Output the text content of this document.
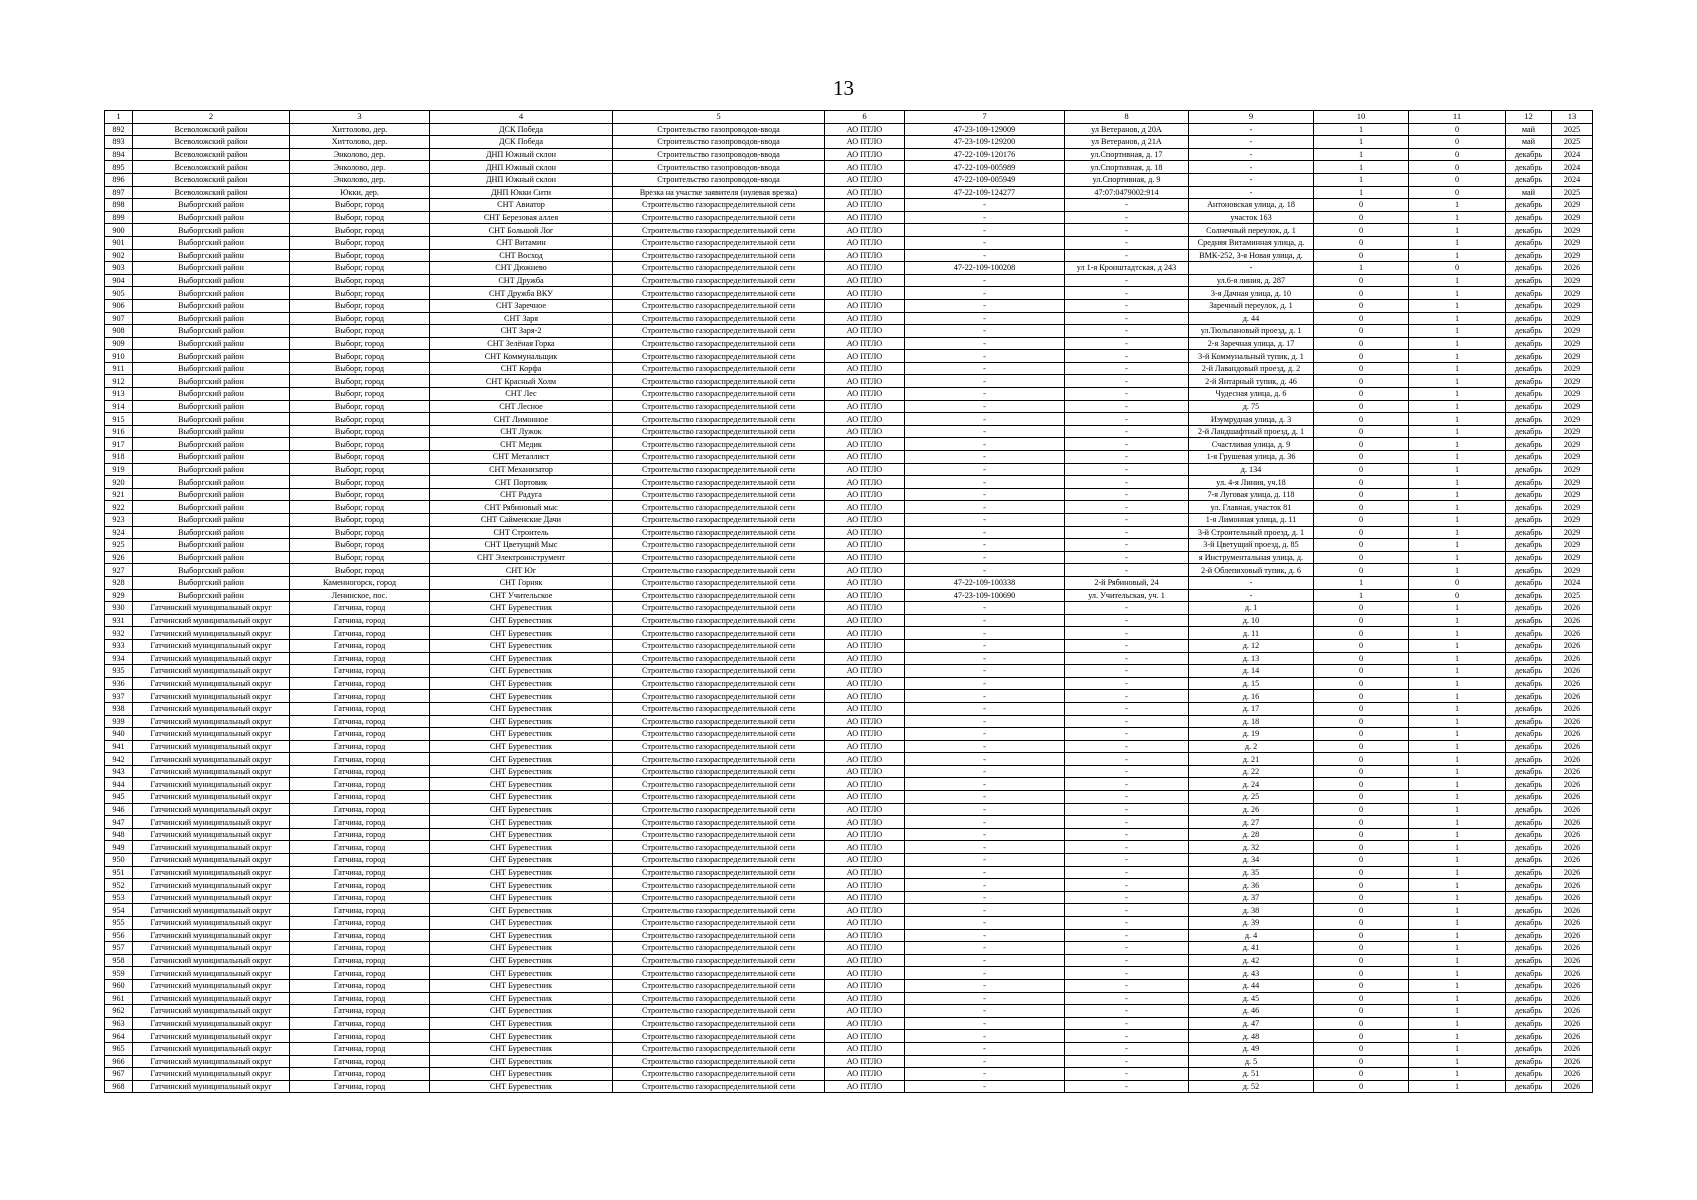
13
1	2	3	4	5	6	7	8	9	10	11	12	13
892	Всеволожский район	Хиттолово, дер.	ДСК Победа	Строительство газопроводов-ввода	АО ПТЛО	47-23-109-129009	ул Ветеранов, д 20А	-	1	0	май	2025
893	Всеволожский район	Хиттолово, дер.	ДСК Победа	Строительство газопроводов-ввода	АО ПТЛО	47-23-109-129200	ул Ветеранов, д 21А	-	1	0	май	2025
894	Всеволожский район	Энколово, дер.	ДНП Южный склон	Строительство газопроводов-ввода	АО ПТЛО	47-22-109-120176	ул.Спортивная, д. 17	-	1	0	декабрь	2024
895	Всеволожский район	Энколово, дер.	ДНП Южный склон	Строительство газопроводов-ввода	АО ПТЛО	47-22-109-005989	ул.Спортивная, д. 18	-	1	0	декабрь	2024
896	Всеволожский район	Энколово, дер.	ДНП Южный склон	Строительство газопроводов-ввода	АО ПТЛО	47-22-109-005949	ул.Спортивная, д. 9	-	1	0	декабрь	2024
897	Всеволожский район	Юкки, дер.	ДНП Юкки Сити	Врезка на участке заявителя (нулевая врезка)	АО ПТЛО	47-22-109-124277	47:07:0479002:914	-	1	0	май	2025
898	Выборгский район	Выборг, город	СНТ Авиатор	Строительство газораспределительной сети	АО ПТЛО	-	-	Антоновская улица, д. 18	0	1	декабрь	2029
899	Выборгский район	Выборг, город	СНТ Березовая аллея	Строительство газораспределительной сети	АО ПТЛО	-	-	участок 163	0	1	декабрь	2029
900	Выборгский район	Выборг, город	СНТ Большой Лог	Строительство газораспределительной сети	АО ПТЛО	-	-	Солнечный переулок, д. 1	0	1	декабрь	2029
901	Выборгский район	Выборг, город	СНТ Витамин	Строительство газораспределительной сети	АО ПТЛО	-	-	Средняя Витаминная улица, д.	0	1	декабрь	2029
902	Выборгский район	Выборг, город	СНТ Восход	Строительство газораспределительной сети	АО ПТЛО	-	-	ВМК-252, 3-я Новая улица, д.	0	1	декабрь	2029
903	Выборгский район	Выборг, город	СНТ Дюжнево	Строительство газораспределительной сети	АО ПТЛО	47-22-109-100208	ул 1-я Кронштадтская, д 243	-	1	0	декабрь	2026
904	Выборгский район	Выборг, город	СНТ Дружба	Строительство газораспределительной сети	АО ПТЛО	-	-	ул.6-я линия, д. 287	0	1	декабрь	2029
905	Выборгский район	Выборг, город	СНТ Дружба ВКУ	Строительство газораспределительной сети	АО ПТЛО	-	-	3-я Дачная улица, д. 10	0	1	декабрь	2029
906	Выборгский район	Выборг, город	СНТ Заречное	Строительство газораспределительной сети	АО ПТЛО	-	-	Заречный переулок, д. 1	0	1	декабрь	2029
907	Выборгский район	Выборг, город	СНТ Заря	Строительство газораспределительной сети	АО ПТЛО	-	-	д. 44	0	1	декабрь	2029
908	Выборгский район	Выборг, город	СНТ Заря-2	Строительство газораспределительной сети	АО ПТЛО	-	-	ул.Тюльпановый проезд, д. 1	0	1	декабрь	2029
909	Выборгский район	Выборг, город	СНТ Зелёная Горка	Строительство газораспределительной сети	АО ПТЛО	-	-	2-я Заречная улица, д. 17	0	1	декабрь	2029
910	Выборгский район	Выборг, город	СНТ Коммунальщик	Строительство газораспределительной сети	АО ПТЛО	-	-	3-й Коммунальный тупик, д. 1	0	1	декабрь	2029
911	Выборгский район	Выборг, город	СНТ Корфа	Строительство газораспределительной сети	АО ПТЛО	-	-	2-й Лавандовый проезд, д. 2	0	1	декабрь	2029
912	Выборгский район	Выборг, город	СНТ Красный Холм	Строительство газораспределительной сети	АО ПТЛО	-	-	2-й Янтарный тупик, д. 46	0	1	декабрь	2029
913	Выборгский район	Выборг, город	СНТ Лес	Строительство газораспределительной сети	АО ПТЛО	-	-	Чудесная улица, д. 6	0	1	декабрь	2029
914	Выборгский район	Выборг, город	СНТ Лесное	Строительство газораспределительной сети	АО ПТЛО	-	-	д. 75	0	1	декабрь	2029
915	Выборгский район	Выборг, город	СНТ Лимонное	Строительство газораспределительной сети	АО ПТЛО	-	-	Изумрудная улица, д. 3	0	1	декабрь	2029
916	Выборгский район	Выборг, город	СНТ Лужок	Строительство газораспределительной сети	АО ПТЛО	-	-	2-й Ландшафтный проезд, д. 1	0	1	декабрь	2029
917	Выборгский район	Выборг, город	СНТ Медик	Строительство газораспределительной сети	АО ПТЛО	-	-	Счастливая улица, д. 9	0	1	декабрь	2029
918	Выборгский район	Выборг, город	СНТ Металлист	Строительство газораспределительной сети	АО ПТЛО	-	-	1-я Грушевая улица, д. 36	0	1	декабрь	2029
919	Выборгский район	Выборг, город	СНТ Механизатор	Строительство газораспределительной сети	АО ПТЛО	-	-	д. 134	0	1	декабрь	2029
920	Выборгский район	Выборг, город	СНТ Портовик	Строительство газораспределительной сети	АО ПТЛО	-	-	ул. 4-я Линия, уч.18	0	1	декабрь	2029
921	Выборгский район	Выборг, город	СНТ Радуга	Строительство газораспределительной сети	АО ПТЛО	-	-	7-я Луговая улица, д. 118	0	1	декабрь	2029
922	Выборгский район	Выборг, город	СНТ Рябиновый мыс	Строительство газораспределительной сети	АО ПТЛО	-	-	ул. Главная, участок 81	0	1	декабрь	2029
923	Выборгский район	Выборг, город	СНТ Сайменские Дачи	Строительство газораспределительной сети	АО ПТЛО	-	-	1-я Лимонная улица, д. 11	0	1	декабрь	2029
924	Выборгский район	Выборг, город	СНТ Строитель	Строительство газораспределительной сети	АО ПТЛО	-	-	3-й Строительный проезд, д. 1	0	1	декабрь	2029
925	Выборгский район	Выборг, город	СНТ Цветущий Мыс	Строительство газораспределительной сети	АО ПТЛО	-	-	3-й Цветущий проезд, д. 85	0	1	декабрь	2029
926	Выборгский район	Выборг, город	СНТ Электроинструмент	Строительство газораспределительной сети	АО ПТЛО	-	-	я Инструментальная улица, д.	0	1	декабрь	2029
927	Выборгский район	Выборг, город	СНТ Юг	Строительство газораспределительной сети	АО ПТЛО	-	-	2-й Облепиховый тупик, д. 6	0	1	декабрь	2029
928	Выборгский район	Каменногорск, город	СНТ Горняк	Строительство газораспределительной сети	АО ПТЛО	47-22-109-100338	2-й Рябиновый, 24	-	1	0	декабрь	2024
929	Выборгский район	Ленинское, пос.	СНТ Учительское	Строительство газораспределительной сети	АО ПТЛО	47-23-109-100690	ул. Учительская, уч. 1	-	1	0	декабрь	2025
930	Гатчинский муниципальный округ	Гатчина, город	СНТ Буревестник	Строительство газораспределительной сети	АО ПТЛО	-	-	д. 1	0	1	декабрь	2026
931	Гатчинский муниципальный округ	Гатчина, город	СНТ Буревестник	Строительство газораспределительной сети	АО ПТЛО	-	-	д. 10	0	1	декабрь	2026
932	Гатчинский муниципальный округ	Гатчина, город	СНТ Буревестник	Строительство газораспределительной сети	АО ПТЛО	-	-	д. 11	0	1	декабрь	2026
933	Гатчинский муниципальный округ	Гатчина, город	СНТ Буревестник	Строительство газораспределительной сети	АО ПТЛО	-	-	д. 12	0	1	декабрь	2026
934	Гатчинский муниципальный округ	Гатчина, город	СНТ Буревестник	Строительство газораспределительной сети	АО ПТЛО	-	-	д. 13	0	1	декабрь	2026
935	Гатчинский муниципальный округ	Гатчина, город	СНТ Буревестник	Строительство газораспределительной сети	АО ПТЛО	-	-	д. 14	0	1	декабрь	2026
936	Гатчинский муниципальный округ	Гатчина, город	СНТ Буревестник	Строительство газораспределительной сети	АО ПТЛО	-	-	д. 15	0	1	декабрь	2026
937	Гатчинский муниципальный округ	Гатчина, город	СНТ Буревестник	Строительство газораспределительной сети	АО ПТЛО	-	-	д. 16	0	1	декабрь	2026
938	Гатчинский муниципальный округ	Гатчина, город	СНТ Буревестник	Строительство газораспределительной сети	АО ПТЛО	-	-	д. 17	0	1	декабрь	2026
939	Гатчинский муниципальный округ	Гатчина, город	СНТ Буревестник	Строительство газораспределительной сети	АО ПТЛО	-	-	д. 18	0	1	декабрь	2026
940	Гатчинский муниципальный округ	Гатчина, город	СНТ Буревестник	Строительство газораспределительной сети	АО ПТЛО	-	-	д. 19	0	1	декабрь	2026
941	Гатчинский муниципальный округ	Гатчина, город	СНТ Буревестник	Строительство газораспределительной сети	АО ПТЛО	-	-	д. 2	0	1	декабрь	2026
942	Гатчинский муниципальный округ	Гатчина, город	СНТ Буревестник	Строительство газораспределительной сети	АО ПТЛО	-	-	д. 21	0	1	декабрь	2026
943	Гатчинский муниципальный округ	Гатчина, город	СНТ Буревестник	Строительство газораспределительной сети	АО ПТЛО	-	-	д. 22	0	1	декабрь	2026
944	Гатчинский муниципальный округ	Гатчина, город	СНТ Буревестник	Строительство газораспределительной сети	АО ПТЛО	-	-	д. 24	0	1	декабрь	2026
945	Гатчинский муниципальный округ	Гатчина, город	СНТ Буревестник	Строительство газораспределительной сети	АО ПТЛО	-	-	д. 25	0	1	декабрь	2026
946	Гатчинский муниципальный округ	Гатчина, город	СНТ Буревестник	Строительство газораспределительной сети	АО ПТЛО	-	-	д. 26	0	1	декабрь	2026
947	Гатчинский муниципальный округ	Гатчина, город	СНТ Буревестник	Строительство газораспределительной сети	АО ПТЛО	-	-	д. 27	0	1	декабрь	2026
948	Гатчинский муниципальный округ	Гатчина, город	СНТ Буревестник	Строительство газораспределительной сети	АО ПТЛО	-	-	д. 28	0	1	декабрь	2026
949	Гатчинский муниципальный округ	Гатчина, город	СНТ Буревестник	Строительство газораспределительной сети	АО ПТЛО	-	-	д. 32	0	1	декабрь	2026
950	Гатчинский муниципальный округ	Гатчина, город	СНТ Буревестник	Строительство газораспределительной сети	АО ПТЛО	-	-	д. 34	0	1	декабрь	2026
951	Гатчинский муниципальный округ	Гатчина, город	СНТ Буревестник	Строительство газораспределительной сети	АО ПТЛО	-	-	д. 35	0	1	декабрь	2026
952	Гатчинский муниципальный округ	Гатчина, город	СНТ Буревестник	Строительство газораспределительной сети	АО ПТЛО	-	-	д. 36	0	1	декабрь	2026
953	Гатчинский муниципальный округ	Гатчина, город	СНТ Буревестник	Строительство газораспределительной сети	АО ПТЛО	-	-	д. 37	0	1	декабрь	2026
954	Гатчинский муниципальный округ	Гатчина, город	СНТ Буревестник	Строительство газораспределительной сети	АО ПТЛО	-	-	д. 38	0	1	декабрь	2026
955	Гатчинский муниципальный округ	Гатчина, город	СНТ Буревестник	Строительство газораспределительной сети	АО ПТЛО	-	-	д. 39	0	1	декабрь	2026
956	Гатчинский муниципальный округ	Гатчина, город	СНТ Буревестник	Строительство газораспределительной сети	АО ПТЛО	-	-	д. 4	0	1	декабрь	2026
957	Гатчинский муниципальный округ	Гатчина, город	СНТ Буревестник	Строительство газораспределительной сети	АО ПТЛО	-	-	д. 41	0	1	декабрь	2026
958	Гатчинский муниципальный округ	Гатчина, город	СНТ Буревестник	Строительство газораспределительной сети	АО ПТЛО	-	-	д. 42	0	1	декабрь	2026
959	Гатчинский муниципальный округ	Гатчина, город	СНТ Буревестник	Строительство газораспределительной сети	АО ПТЛО	-	-	д. 43	0	1	декабрь	2026
960	Гатчинский муниципальный округ	Гатчина, город	СНТ Буревестник	Строительство газораспределительной сети	АО ПТЛО	-	-	д. 44	0	1	декабрь	2026
961	Гатчинский муниципальный округ	Гатчина, город	СНТ Буревестник	Строительство газораспределительной сети	АО ПТЛО	-	-	д. 45	0	1	декабрь	2026
962	Гатчинский муниципальный округ	Гатчина, город	СНТ Буревестник	Строительство газораспределительной сети	АО ПТЛО	-	-	д. 46	0	1	декабрь	2026
963	Гатчинский муниципальный округ	Гатчина, город	СНТ Буревестник	Строительство газораспределительной сети	АО ПТЛО	-	-	д. 47	0	1	декабрь	2026
964	Гатчинский муниципальный округ	Гатчина, город	СНТ Буревестник	Строительство газораспределительной сети	АО ПТЛО	-	-	д. 48	0	1	декабрь	2026
965	Гатчинский муниципальный округ	Гатчина, город	СНТ Буревестник	Строительство газораспределительной сети	АО ПТЛО	-	-	д. 49	0	1	декабрь	2026
966	Гатчинский муниципальный округ	Гатчина, город	СНТ Буревестник	Строительство газораспределительной сети	АО ПТЛО	-	-	д. 5	0	1	декабрь	2026
967	Гатчинский муниципальный округ	Гатчина, город	СНТ Буревестник	Строительство газораспределительной сети	АО ПТЛО	-	-	д. 51	0	1	декабрь	2026
968	Гатчинский муниципальный округ	Гатчина, город	СНТ Буревестник	Строительство газораспределительной сети	АО ПТЛО	-	-	д. 52	0	1	декабрь	2026
